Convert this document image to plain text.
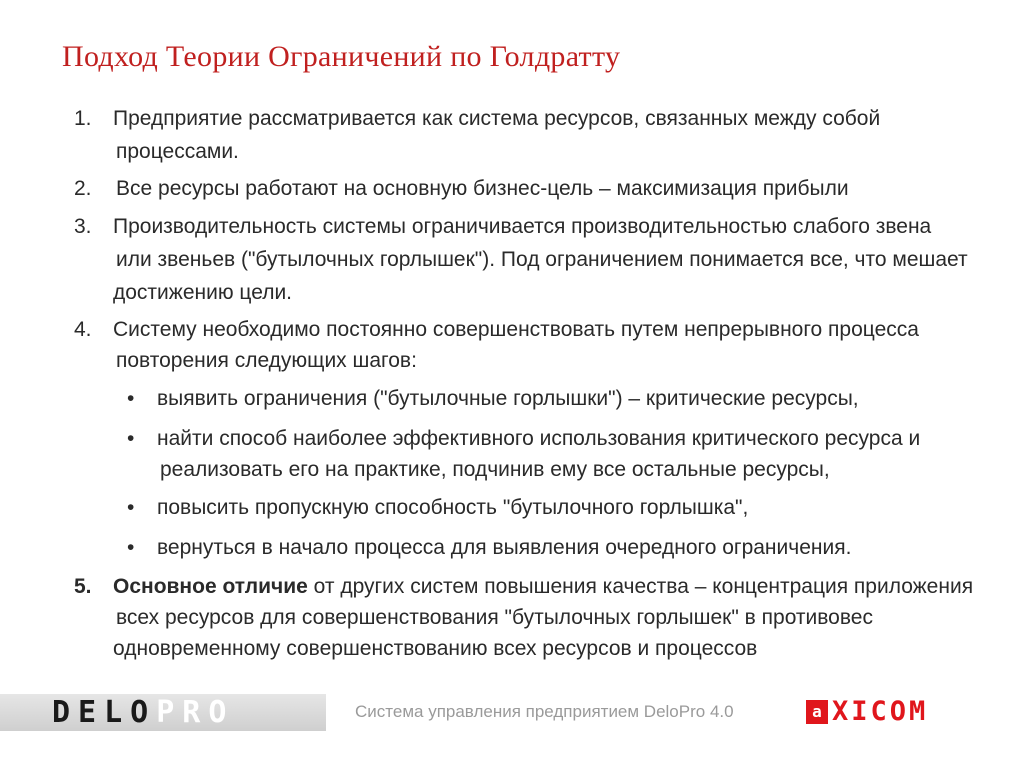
Подход Теории Ограничений по Голдратту
1. Предприятие рассматривается как система ресурсов, связанных между собой
процессами.
2. Все ресурсы работают на основную бизнес-цель – максимизация прибыли
3. Производительность системы ограничивается производительностью слабого звена
или звеньев ("бутылочных горлышек"). Под ограничением понимается все, что мешает
достижению цели.
4. Систему необходимо постоянно совершенствовать путем непрерывного процесса
повторения следующих шагов:
• выявить ограничения ("бутылочные горлышки") – критические ресурсы,
• найти способ наиболее эффективного использования критического ресурса и
реализовать его на практике, подчинив ему все остальные ресурсы,
• повысить пропускную способность "бутылочного горлышка",
• вернуться в начало процесса для выявления очередного ограничения.
5. Основное отличие от других систем повышения качества – концентрация приложения
всех ресурсов для совершенствования "бутылочных горлышек" в противовес
одновременному совершенствованию всех ресурсов и процессов
DELOPRO	Система управления предприятием DeloPro 4.0	a XICOM
